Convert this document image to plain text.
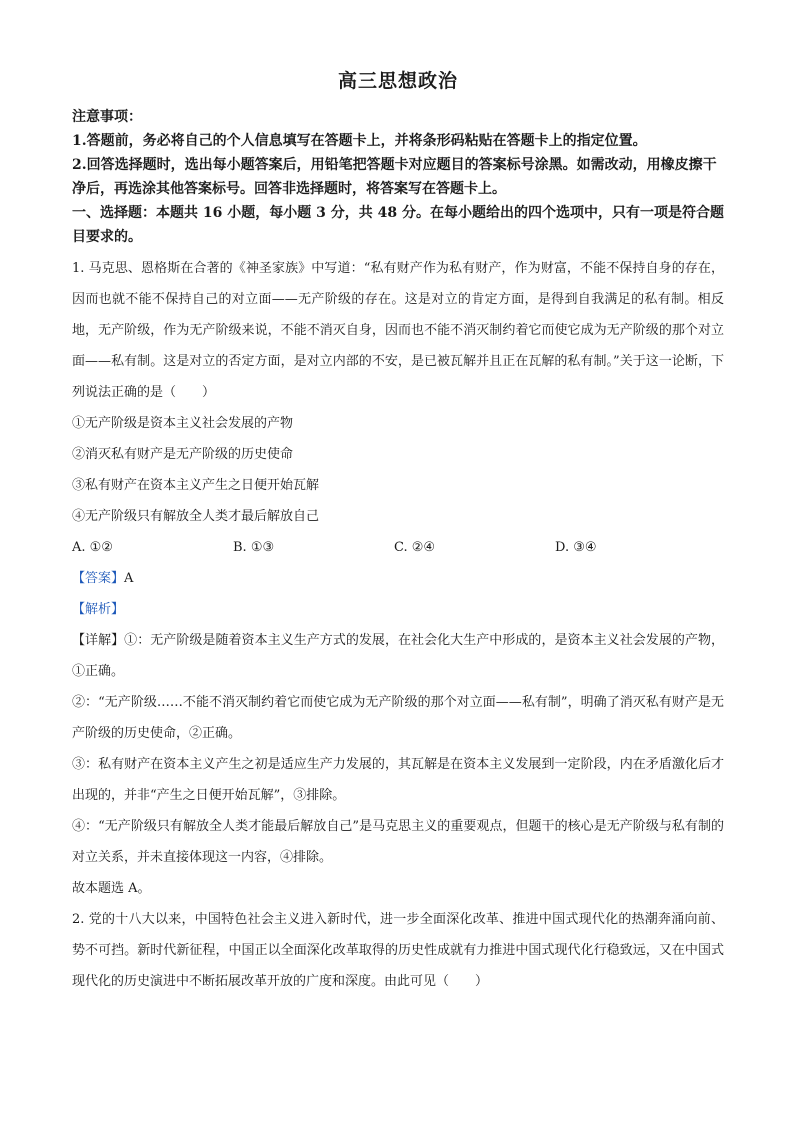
高三思想政治

注意事项：

1.答题前，务必将自己的个人信息填写在答题卡上，并将条形码粘贴在答题卡上的指定位置。

2.回答选择题时，选出每小题答案后，用铅笔把答题卡对应题目的答案标号涂黑。如需改动，用橡皮擦干净后，再选涂其他答案标号。回答非选择题时，将答案写在答题卡上。

一、选择题：本题共 16 小题，每小题 3 分，共 48 分。在每小题给出的四个选项中，只有一项是符合题目要求的。

1. 马克思、恩格斯在合著的《神圣家族》中写道：“私有财产作为私有财产，作为财富，不能不保持自身的存在，因而也就不能不保持自己的对立面——无产阶级的存在。这是对立的肯定方面，是得到自我满足的私有制。相反地，无产阶级，作为无产阶级来说，不能不消灭自身，因而也不能不消灭制约着它而使它成为无产阶级的那个对立面——私有制。这是对立的否定方面，是对立内部的不安，是已被瓦解并且正在瓦解的私有制。”关于这一论断，下列说法正确的是（　　）

①无产阶级是资本主义社会发展的产物

②消灭私有财产是无产阶级的历史使命

③私有财产在资本主义产生之日便开始瓦解

④无产阶级只有解放全人类才最后解放自己

A. ①②	B. ①③	C. ②④	D. ③④

【答案】A

【解析】

【详解】①：无产阶级是随着资本主义生产方式的发展，在社会化大生产中形成的，是资本主义社会发展的产物，①正确。

②：“无产阶级……不能不消灭制约着它而使它成为无产阶级的那个对立面——私有制”，明确了消灭私有财产是无产阶级的历史使命，②正确。

③：私有财产在资本主义产生之初是适应生产力发展的，其瓦解是在资本主义发展到一定阶段，内在矛盾激化后才出现的，并非“产生之日便开始瓦解”，③排除。

④：“无产阶级只有解放全人类才能最后解放自己”是马克思主义的重要观点，但题干的核心是无产阶级与私有制的对立关系，并未直接体现这一内容，④排除。

故本题选 A。

2. 党的十八大以来，中国特色社会主义进入新时代，进一步全面深化改革、推进中国式现代化的热潮奔涌向前、势不可挡。新时代新征程，中国正以全面深化改革取得的历史性成就有力推进中国式现代化行稳致远，又在中国式现代化的历史演进中不断拓展改革开放的广度和深度。由此可见（　　）
